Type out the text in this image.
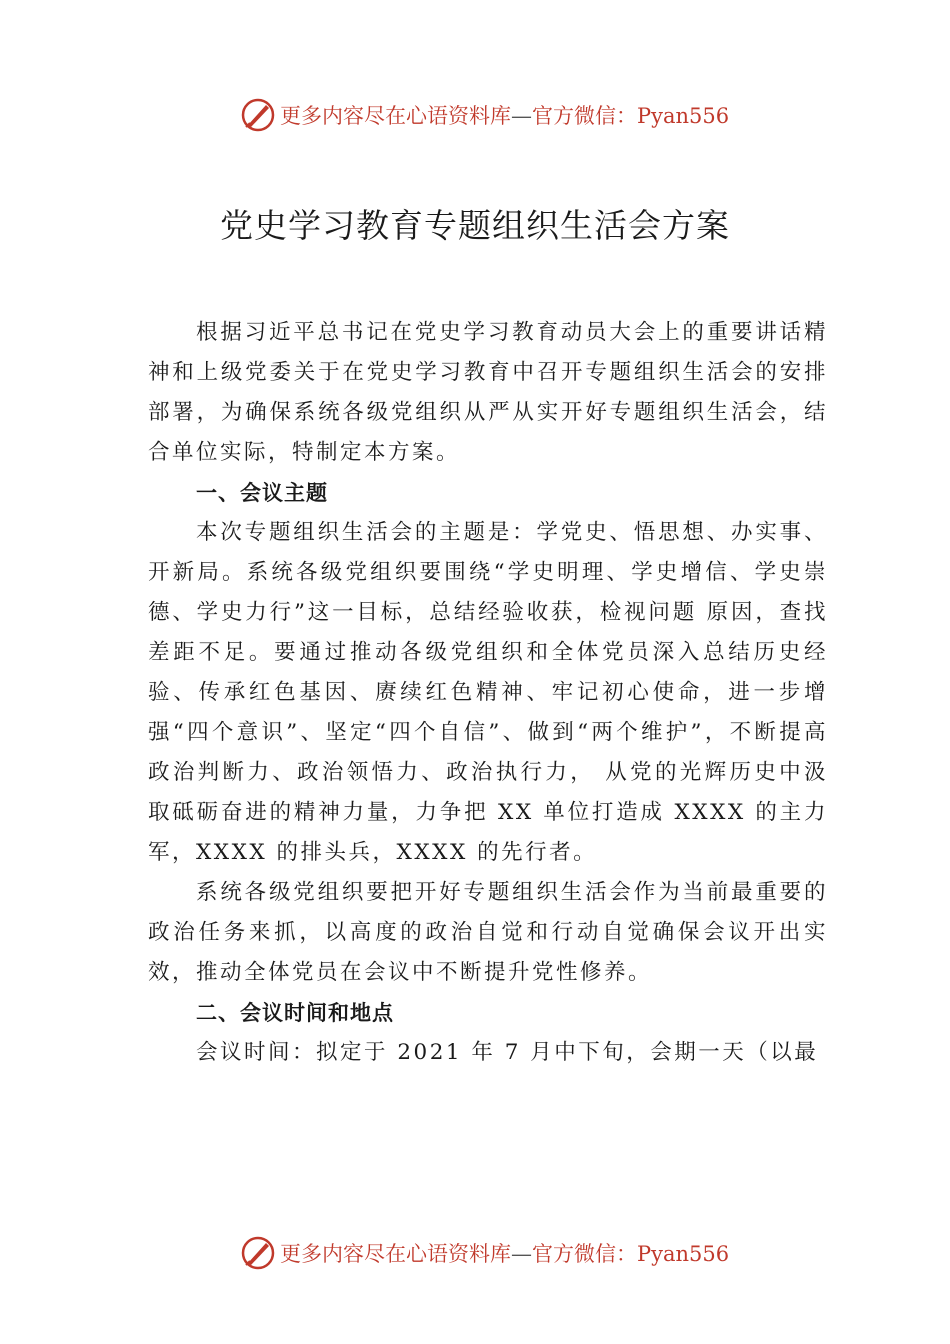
更多内容尽在心语资料库—官方微信：Pyan556
党史学习教育专题组织生活会方案

根据习近平总书记在党史学习教育动员大会上的重要讲话精神和上级党委关于在党史学习教育中召开专题组织生活会的安排部署，为确保系统各级党组织从严从实开好专题组织生活会，结合单位实际，特制定本方案。

一、会议主题

本次专题组织生活会的主题是：学党史、悟思想、办实事、开新局。系统各级党组织要围绕“学史明理、学史增信、学史崇德、学史力行”这一目标，总结经验收获，检视问题 原因，查找差距不足。要通过推动各级党组织和全体党员深入总结历史经验、传承红色基因、赓续红色精神、牢记初心使命，进一步增强“四个意识”、坚定“四个自信”、做到“两个维护”，不断提高政治判断力、政治领悟力、政治执行力， 从党的光辉历史中汲取砥砺奋进的精神力量，力争把 XX 单位打造成 XXXX 的主力军，XXXX 的排头兵，XXXX 的先行者。

系统各级党组织要把开好专题组织生活会作为当前最重要的政治任务来抓，以高度的政治自觉和行动自觉确保会议开出实效，推动全体党员在会议中不断提升党性修养。

二、会议时间和地点

会议时间：拟定于 2021 年 7 月中下旬，会期一天（以最

更多内容尽在心语资料库—官方微信：Pyan556
